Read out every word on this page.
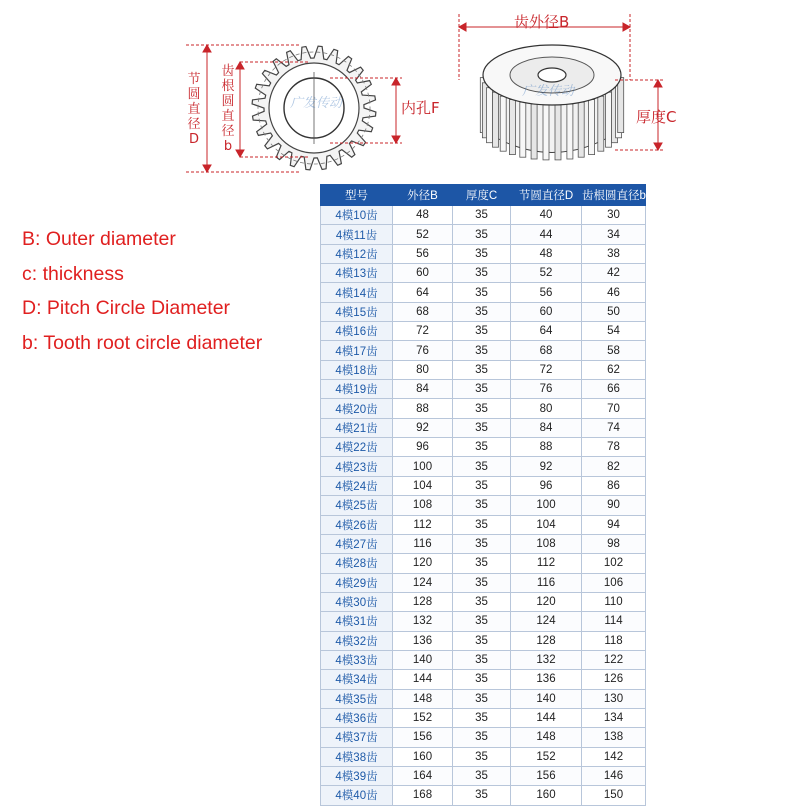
节圆直径D
齿根圆直径b
内孔F
齿外径B
厚度C
广发传动
广发传动
B: Outer diameter
c: thickness
D: Pitch Circle Diameter
b: Tooth root circle diameter
型号	外径B	厚度C	节圆直径D	齿根圆直径b
4模10齿	48	35	40	30
4模11齿	52	35	44	34
4模12齿	56	35	48	38
4模13齿	60	35	52	42
4模14齿	64	35	56	46
4模15齿	68	35	60	50
4模16齿	72	35	64	54
4模17齿	76	35	68	58
4模18齿	80	35	72	62
4模19齿	84	35	76	66
4模20齿	88	35	80	70
4模21齿	92	35	84	74
4模22齿	96	35	88	78
4模23齿	100	35	92	82
4模24齿	104	35	96	86
4模25齿	108	35	100	90
4模26齿	112	35	104	94
4模27齿	116	35	108	98
4模28齿	120	35	112	102
4模29齿	124	35	116	106
4模30齿	128	35	120	110
4模31齿	132	35	124	114
4模32齿	136	35	128	118
4模33齿	140	35	132	122
4模34齿	144	35	136	126
4模35齿	148	35	140	130
4模36齿	152	35	144	134
4模37齿	156	35	148	138
4模38齿	160	35	152	142
4模39齿	164	35	156	146
4模40齿	168	35	160	150
